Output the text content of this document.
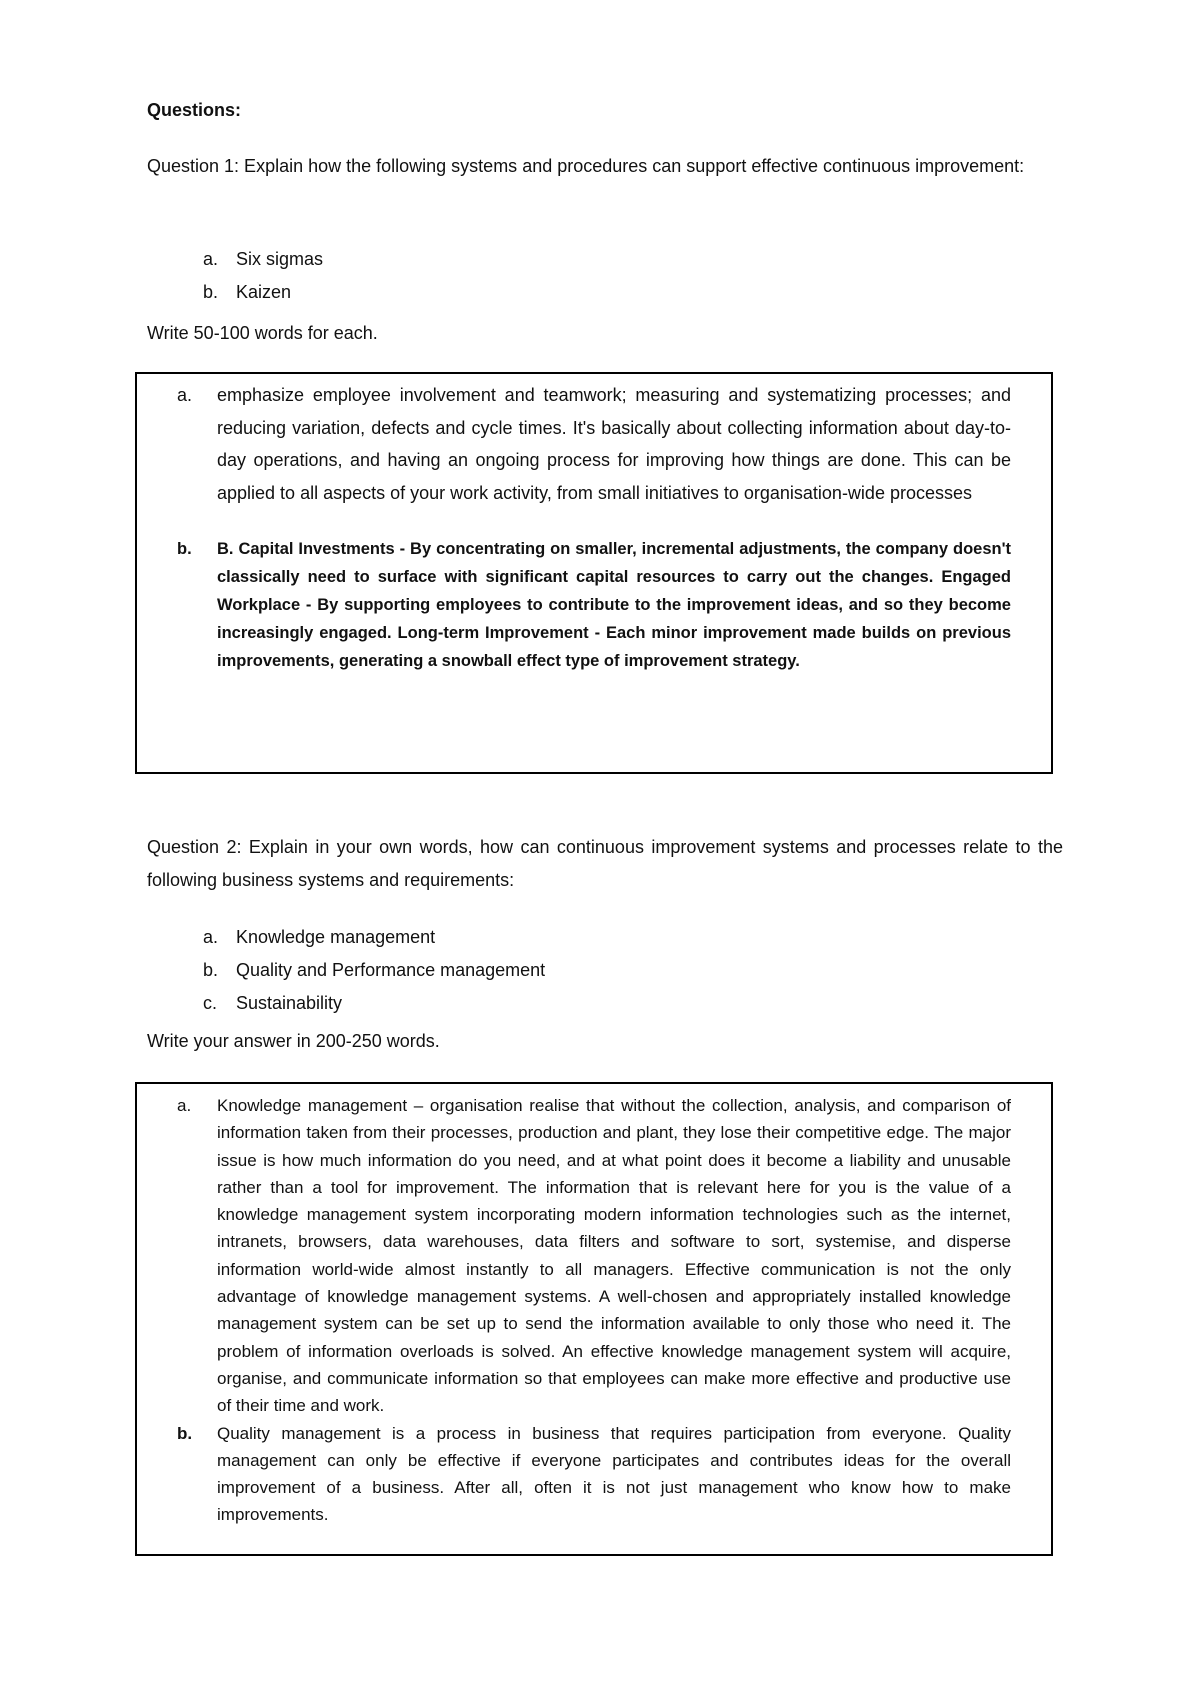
Questions:
Question 1: Explain how the following systems and procedures can support effective continuous improvement:
a. Six sigmas
b. Kaizen
Write 50-100 words for each.
a. emphasize employee involvement and teamwork; measuring and systematizing processes; and reducing variation, defects and cycle times. It's basically about collecting information about day-to-day operations, and having an ongoing process for improving how things are done. This can be applied to all aspects of your work activity, from small initiatives to organisation-wide processes
b. B. Capital Investments - By concentrating on smaller, incremental adjustments, the company doesn't classically need to surface with significant capital resources to carry out the changes. Engaged Workplace - By supporting employees to contribute to the improvement ideas, and so they become increasingly engaged. Long-term Improvement - Each minor improvement made builds on previous improvements, generating a snowball effect type of improvement strategy.
Question 2: Explain in your own words, how can continuous improvement systems and processes relate to the following business systems and requirements:
a. Knowledge management
b. Quality and Performance management
c. Sustainability
Write your answer in 200-250 words.
a. Knowledge management – organisation realise that without the collection, analysis, and comparison of information taken from their processes, production and plant, they lose their competitive edge. The major issue is how much information do you need, and at what point does it become a liability and unusable rather than a tool for improvement. The information that is relevant here for you is the value of a knowledge management system incorporating modern information technologies such as the internet, intranets, browsers, data warehouses, data filters and software to sort, systemise, and disperse information world-wide almost instantly to all managers. Effective communication is not the only advantage of knowledge management systems. A well-chosen and appropriately installed knowledge management system can be set up to send the information available to only those who need it. The problem of information overloads is solved. An effective knowledge management system will acquire, organise, and communicate information so that employees can make more effective and productive use of their time and work.
b. Quality management is a process in business that requires participation from everyone. Quality management can only be effective if everyone participates and contributes ideas for the overall improvement of a business. After all, often it is not just management who know how to make improvements.
